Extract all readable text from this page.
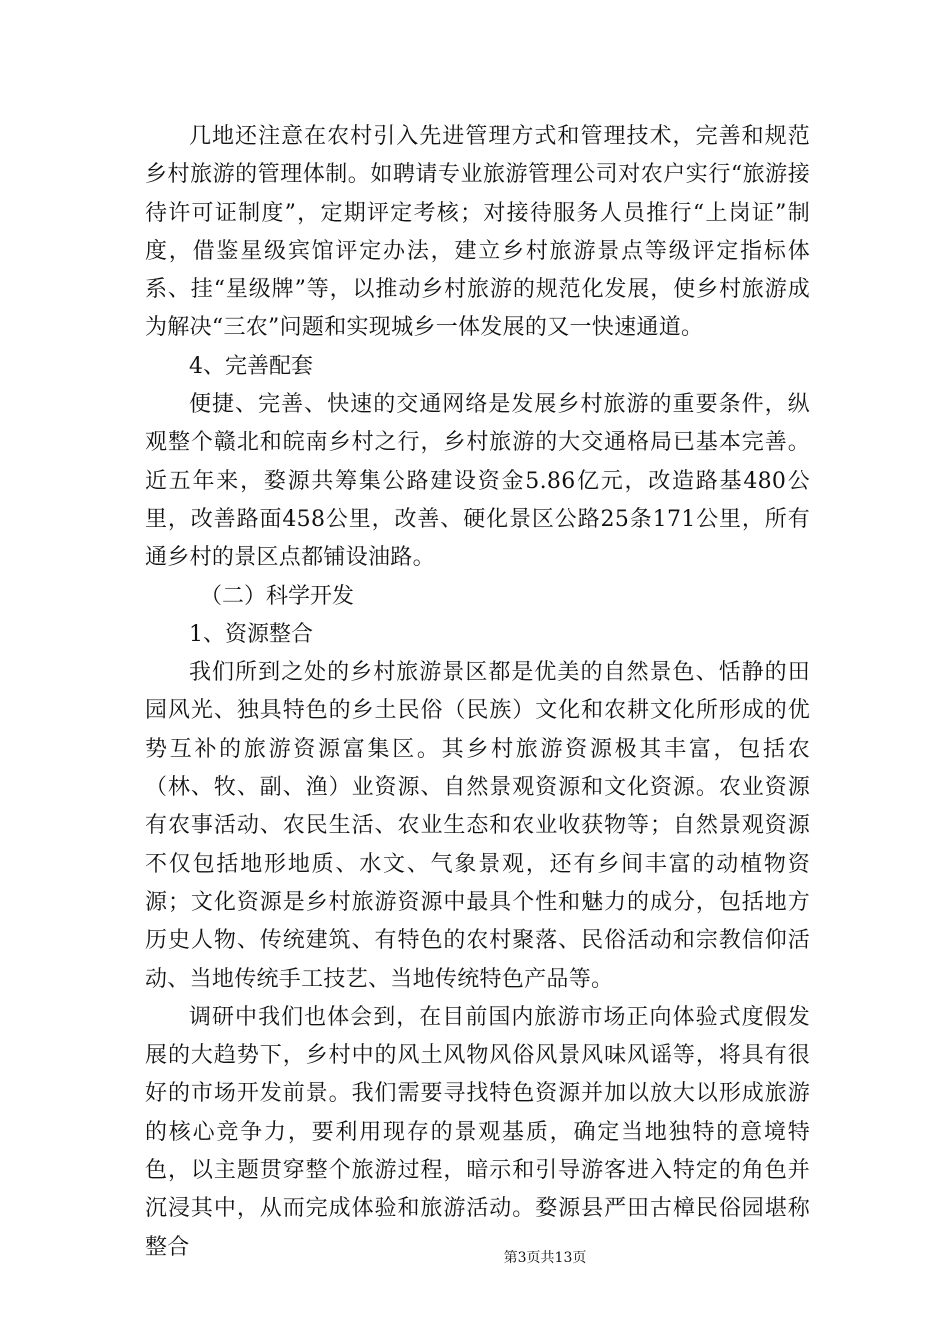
几地还注意在农村引入先进管理方式和管理技术，完善和规范乡村旅游的管理体制。如聘请专业旅游管理公司对农户实行“旅游接待许可证制度”，定期评定考核；对接待服务人员推行“上岗证”制度，借鉴星级宾馆评定办法，建立乡村旅游景点等级评定指标体系、挂“星级牌”等，以推动乡村旅游的规范化发展，使乡村旅游成为解决“三农”问题和实现城乡一体发展的又一快速通道。

4、完善配套

便捷、完善、快速的交通网络是发展乡村旅游的重要条件，纵观整个赣北和皖南乡村之行，乡村旅游的大交通格局已基本完善。近五年来，婺源共筹集公路建设资金5.86亿元，改造路基480公里，改善路面458公里，改善、硬化景区公路25条171公里，所有通乡村的景区点都铺设油路。

（二）科学开发

1、资源整合

我们所到之处的乡村旅游景区都是优美的自然景色、恬静的田园风光、独具特色的乡土民俗（民族）文化和农耕文化所形成的优势互补的旅游资源富集区。其乡村旅游资源极其丰富，包括农（林、牧、副、渔）业资源、自然景观资源和文化资源。农业资源有农事活动、农民生活、农业生态和农业收获物等；自然景观资源不仅包括地形地质、水文、气象景观，还有乡间丰富的动植物资源；文化资源是乡村旅游资源中最具个性和魅力的成分，包括地方历史人物、传统建筑、有特色的农村聚落、民俗活动和宗教信仰活动、当地传统手工技艺、当地传统特色产品等。

调研中我们也体会到，在目前国内旅游市场正向体验式度假发展的大趋势下，乡村中的风土风物风俗风景风味风谣等，将具有很好的市场开发前景。我们需要寻找特色资源并加以放大以形成旅游的核心竞争力，要利用现存的景观基质，确定当地独特的意境特色，以主题贯穿整个旅游过程，暗示和引导游客进入特定的角色并沉浸其中，从而完成体验和旅游活动。婺源县严田古樟民俗园堪称整合	第3页共13页
